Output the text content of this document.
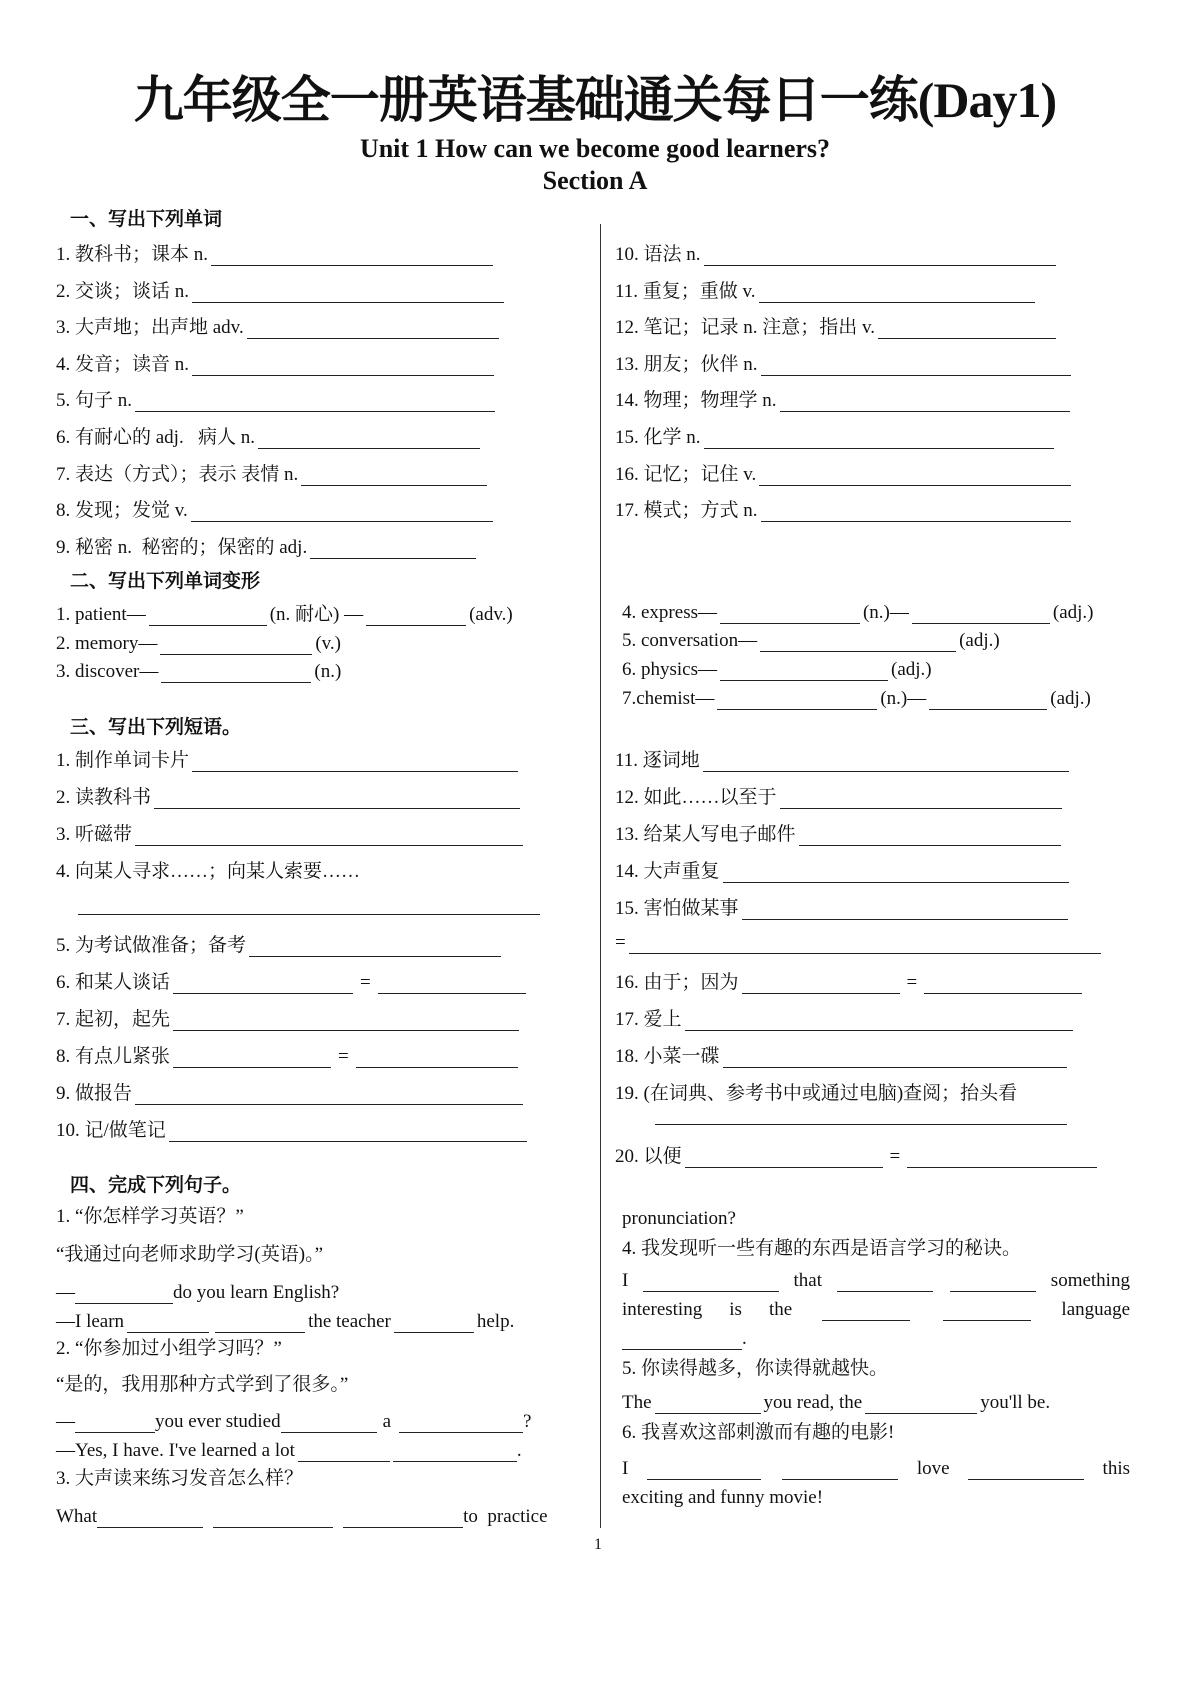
九年级全一册英语基础通关每日一练(Day1)
Unit 1 How can we become good learners?
Section A
一、写出下列单词
1. 教科书；课本 n.
2. 交谈；谈话 n.
3. 大声地；出声地 adv.
4. 发音；读音 n.
5. 句子 n.
6. 有耐心的 adj.   病人 n.
7. 表达（方式）；表示 表情 n.
8. 发现；发觉 v.
9. 秘密 n.  秘密的；保密的 adj.
10. 语法 n.
11. 重复；重做 v.
12. 笔记；记录 n. 注意；指出 v.
13. 朋友；伙伴 n.
14. 物理；物理学 n.
15. 化学 n.
16. 记忆；记住 v.
17. 模式；方式 n.
二、写出下列单词变形
1. patient—	(n. 耐心) —	(adv.)
2. memory—	(v.)
3. discover—	(n.)
4. express—	(n.)—	(adj.)
5. conversation—	(adj.)
6. physics—	(adj.)
7.chemist—	(n.)—	(adj.)
三、写出下列短语。
1. 制作单词卡片
2. 读教科书
3. 听磁带
4. 向某人寻求……；向某人索要……
5. 为考试做准备；备考
6. 和某人谈话	=
7. 起初，起先
8. 有点儿紧张	=
9. 做报告
10. 记/做笔记
11. 逐词地
12. 如此……以至于
13. 给某人写电子邮件
14. 大声重复
15. 害怕做某事
16. 由于；因为	=
17. 爱上
18. 小菜一碟
19. (在词典、参考书中或通过电脑)查阅；抬头看
20. 以便	=
=
四、完成下列句子。
1. “你怎样学习英语？”
“我通过向老师求助学习(英语)。”
—	do you learn English?
—I learn	the teacher	help.
2. “你参加过小组学习吗？”
“是的，我用那种方式学到了很多。”
—	you ever studied	a	?
—Yes, I have. I've learned a lot	.
3. 大声读来练习发音怎么样？
What	to  practice
pronunciation?
4. 我发现听一些有趣的东西是语言学习的秘诀。
I	that	something
interesting is the	language
.
5. 你读得越多，你读得就越快。
The	you read, the	you'll be.
6. 我喜欢这部刺激而有趣的电影!
I	love	this
exciting and funny movie!
1
